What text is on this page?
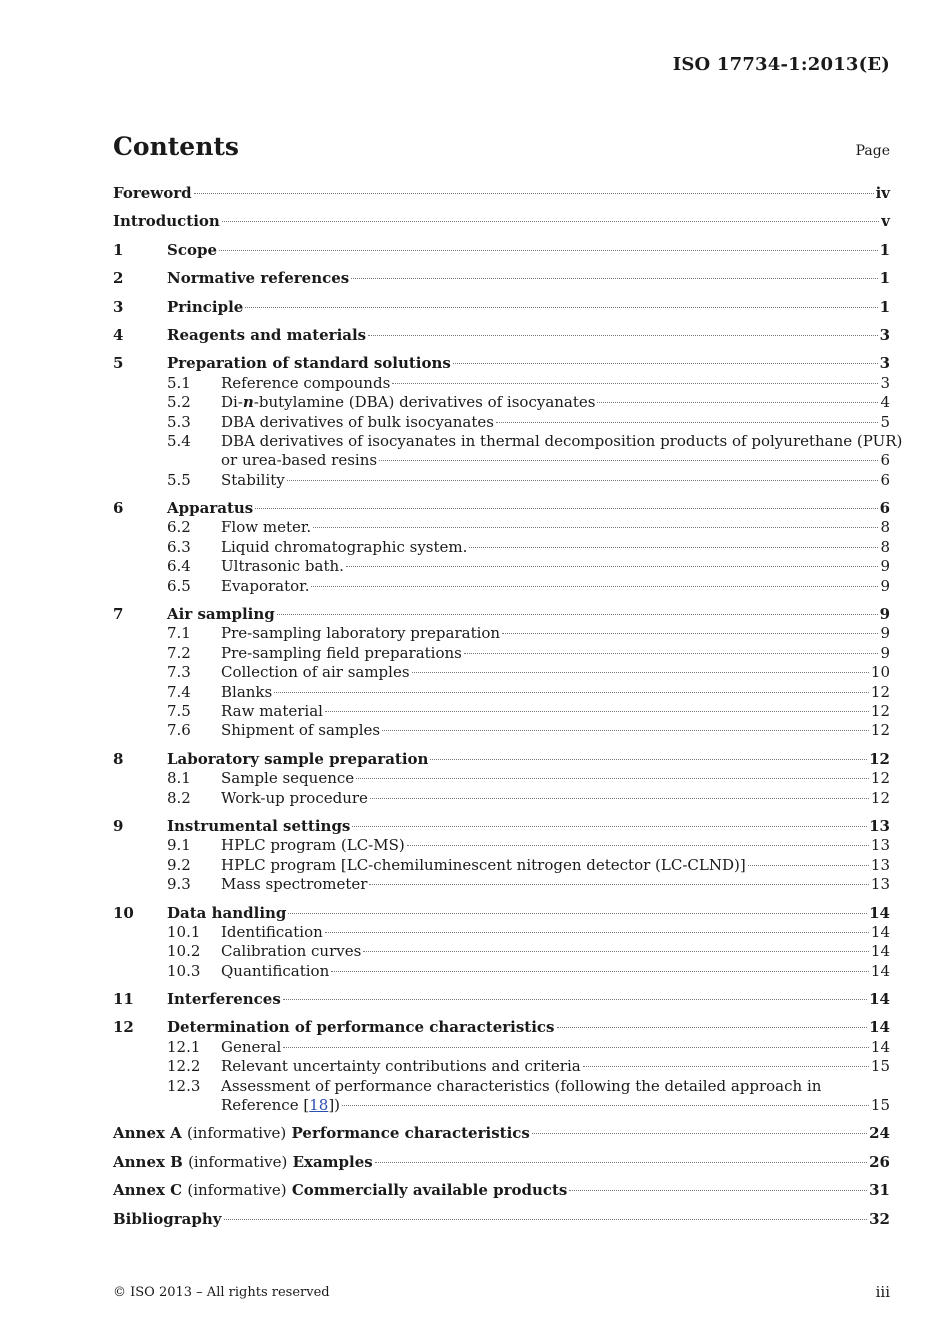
ISO 17734-1:2013(E)
Contents	Page
Foreword	iv
Introduction	v
1	Scope	1
2	Normative references	1
3	Principle	1
4	Reagents and materials	3
5	Preparation of standard solutions	3
5.1	Reference compounds	3
5.2	Di-n-butylamine (DBA) derivatives of isocyanates	4
5.3	DBA derivatives of bulk isocyanates	5
5.4	DBA derivatives of isocyanates in thermal decomposition products of polyurethane (PUR)
or urea-based resins	6
5.5	Stability	6
6	Apparatus	6
6.2	Flow meter.	8
6.3	Liquid chromatographic system.	8
6.4	Ultrasonic bath.	9
6.5	Evaporator.	9
7	Air sampling	9
7.1	Pre-sampling laboratory preparation	9
7.2	Pre-sampling field preparations	9
7.3	Collection of air samples	10
7.4	Blanks	12
7.5	Raw material	12
7.6	Shipment of samples	12
8	Laboratory sample preparation	12
8.1	Sample sequence	12
8.2	Work-up procedure	12
9	Instrumental settings	13
9.1	HPLC program (LC-MS)	13
9.2	HPLC program [LC-chemiluminescent nitrogen detector (LC-CLND)]	13
9.3	Mass spectrometer	13
10	Data handling	14
10.1	Identification	14
10.2	Calibration curves	14
10.3	Quantification	14
11	Interferences	14
12	Determination of performance characteristics	14
12.1	General	14
12.2	Relevant uncertainty contributions and criteria	15
12.3	Assessment of performance characteristics (following the detailed approach in
Reference [18])	15
Annex A (informative) Performance characteristics	24
Annex B (informative) Examples	26
Annex C (informative) Commercially available products	31
Bibliography	32
© ISO 2013 – All rights reserved	iii
